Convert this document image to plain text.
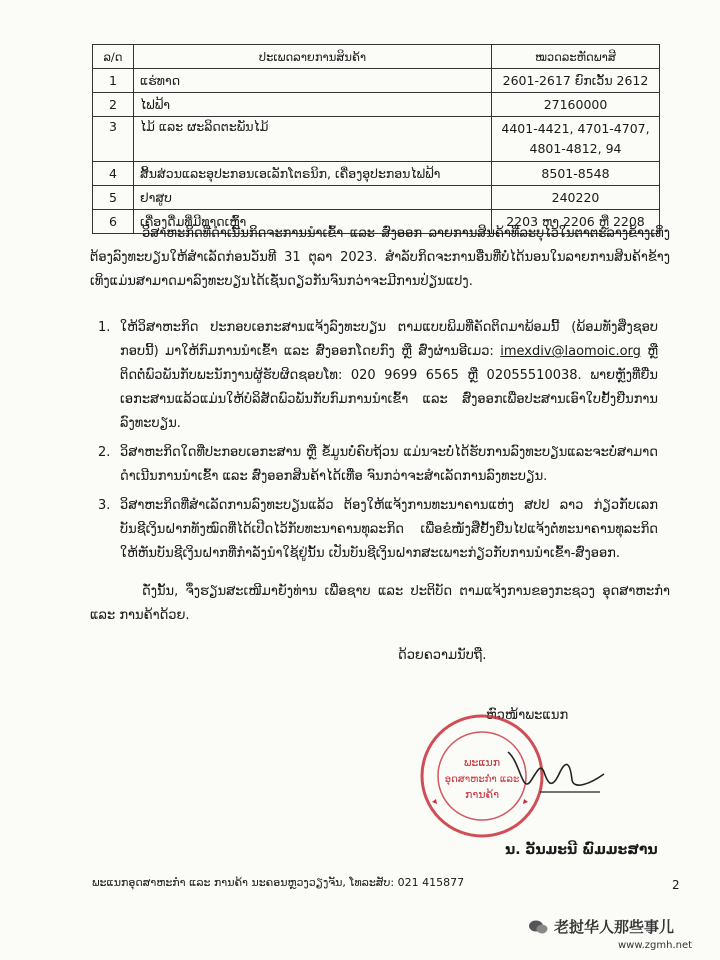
ລ/ດ	ປະເພດລາຍການສິນຄ້າ	ໝວດລະຫັດພາສີ
1	ແຮ່ທາດ	2601-2617 ຍົກເວັ້ນ 2612
2	ໄຟຟ້າ	27160000
3	ໄມ້ ແລະ ຜະລິດຕະພັນໄມ້	4401-4421, 4701-4707,
4801-4812, 94

4	ສິ້ນສ່ວນແລະອຸປະກອນເອເລັກໂຕຣນິກ, ເຄື່ອງອຸປະກອນໄຟຟ້າ	8501-8548
5	ຢາສູບ	240220
6	ເຄື່ອງດື່ມທີ່ມີທາດເຫຼົ້າ	2203 ຫາ 2206 ຫຼື 2208

ວິສາຫະກິດທີ່ດຳເນີນກິດຈະການນຳເຂົ້າ ແລະ ສົ່ງອອກ ລາຍການສິນຄ້າທີ່ລະບຸໄວ້ໃນຕາຕະລາງຂ້າງເທິງຕ້ອງລົງທະບຽນໃຫ້ສຳເລັດກ່ອນວັນທີ 31 ຕຸລາ 2023. ສຳລັບກິດຈະການອື່ນທີ່ບໍ່ໄດ້ນອນໃນລາຍການສິນຄ້າຂ້າງເທິງແມ່ນສາມາດມາລົງທະບຽນໄດ້ເຊັ່ນດຽວກັນຈົນກວ່າຈະມີການປ່ຽນແປງ.

1. ໃຫ້ວິສາຫະກິດ ປະກອບເອກະສານແຈ້ງລົງທະບຽນ ຕາມແບບພິມທີ່ຄັດຕິດມາພ້ອມນີ້ (ພ້ອມທັງສິ່ງຊອບກອບນີ້) ມາໃຫ້ກົມການນຳເຂົ້າ ແລະ ສົ່ງອອກໂດຍກົງ ຫຼື ສົ່ງຜ່ານອີເມວ: imexdiv@laomoic.org ຫຼື ຕິດຕໍ່ພົວພັນກັບພະນັກງານຜູ້ຮັບຜິດຊອບໂທ: 020 9699 6565 ຫຼື 02055510038. ພາຍຫຼັງທີ່ຍື່ນເອກະສານແລ້ວແມ່ນໃຫ້ບໍລິສັດພົວພັນກັບກົມການນຳເຂົ້າ ແລະ ສົ່ງອອກເພື່ອປະສານເອົາໃບຢັ້ງຢືນການລົງທະບຽນ.
2. ວິສາຫະກິດໃດທີ່ປະກອບເອກະສານ ຫຼື ຂໍ້ມູນບໍ່ຄົບຖ້ວນ ແມ່ນຈະບໍ່ໄດ້ຮັບການລົງທະບຽນແລະຈະບໍ່ສາມາດດຳເນີນການນຳເຂົ້າ ແລະ ສົ່ງອອກສິນຄ້າໄດ້ເທື່ອ ຈົນກວ່າຈະສຳເລັດການລົງທະບຽນ.
3. ວິສາຫະກິດທີ່ສຳເລັດການລົງທະບຽນແລ້ວ ຕ້ອງໃຫ້ແຈ້ງການທະນາຄານແຫ່ງ ສປປ ລາວ ກ່ຽວກັບເລກບັນຊີເງິນຝາກທັງໝົດທີ່ໄດ້ເປີດໄວ້ກັບທະນາຄານທຸລະກິດ ເພື່ອຂໍໜັງສືຢັ້ງຢືນໄປແຈ້ງຕໍ່ທະນາຄານທຸລະກິດ ໃຫ້ຫັນບັນຊີເງິນຝາກທີ່ກຳລັງນຳໃຊ້ຢູ່ນັ້ນ ເປັນບັນຊີເງິນຝາກສະເພາະກ່ຽວກັບການນຳເຂົ້າ-ສົ່ງອອກ.

ດັ່ງນັ້ນ, ຈຶ່ງຮຽນສະເໜີມາຍັງທ່ານ ເພື່ອຊາບ ແລະ ປະຕິບັດ ຕາມແຈ້ງການຂອງກະຊວງ ອຸດສາຫະກຳ ແລະ ການຄ້າດ້ວຍ.

ດ້ວຍຄວາມນັບຖື.
ຫົວໜ້າພະແນກ
ພະແນກ
ອຸດສາຫະກຳ ແລະ
ການຄ້າ
ນ. ວັນມະນີ ພົມມະສານ
ພະແນກອຸດສາຫະກຳ ແລະ ການຄ້າ ນະຄອນຫຼວງວຽງຈັນ, ໂທລະສັບ: 021 415877	2
老挝华人那些事儿
www.zgmh.net
